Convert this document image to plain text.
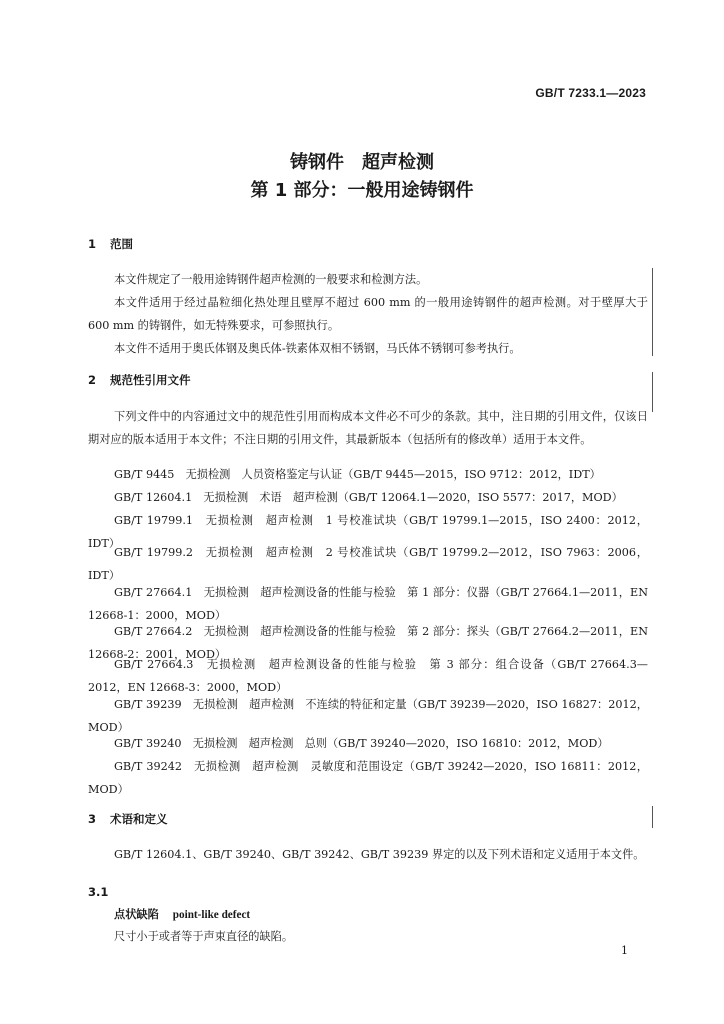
GB/T 7233.1—2023
铸钢件　超声检测
第 1 部分：一般用途铸钢件
1 范围
本文件规定了一般用途铸钢件超声检测的一般要求和检测方法。
本文件适用于经过晶粒细化热处理且壁厚不超过 600 mm 的一般用途铸钢件的超声检测。对于壁厚大于 600 mm 的铸钢件，如无特殊要求，可参照执行。
本文件不适用于奥氏体钢及奥氏体-铁素体双相不锈钢，马氏体不锈钢可参考执行。
2 规范性引用文件
下列文件中的内容通过文中的规范性引用而构成本文件必不可少的条款。其中，注日期的引用文件，仅该日期对应的版本适用于本文件；不注日期的引用文件，其最新版本（包括所有的修改单）适用于本文件。
GB/T 9445　无损检测　人员资格鉴定与认证（GB/T 9445—2015，ISO 9712：2012，IDT）
GB/T 12604.1　无损检测　术语　超声检测（GB/T 12064.1—2020，ISO 5577：2017，MOD）
GB/T 19799.1　无损检测　超声检测　1 号校准试块（GB/T 19799.1—2015，ISO 2400：2012，IDT）
GB/T 19799.2　无损检测　超声检测　2 号校准试块（GB/T 19799.2—2012，ISO 7963：2006，IDT）
GB/T 27664.1　无损检测　超声检测设备的性能与检验　第 1 部分：仪器（GB/T 27664.1—2011，EN 12668-1：2000，MOD）
GB/T 27664.2　无损检测　超声检测设备的性能与检验　第 2 部分：探头（GB/T 27664.2—2011，EN 12668-2：2001，MOD）
GB/T 27664.3　无损检测　超声检测设备的性能与检验　第 3 部分：组合设备（GB/T 27664.3—2012，EN 12668-3：2000，MOD）
GB/T 39239　无损检测　超声检测　不连续的特征和定量（GB/T 39239—2020，ISO 16827：2012，MOD）
GB/T 39240　无损检测　超声检测　总则（GB/T 39240—2020，ISO 16810：2012，MOD）
GB/T 39242　无损检测　超声检测　灵敏度和范围设定（GB/T 39242—2020，ISO 16811：2012，MOD）
3 术语和定义
GB/T 12604.1、GB/T 39240、GB/T 39242、GB/T 39239 界定的以及下列术语和定义适用于本文件。
3.1
点状缺陷 point-like defect
尺寸小于或者等于声束直径的缺陷。
1
